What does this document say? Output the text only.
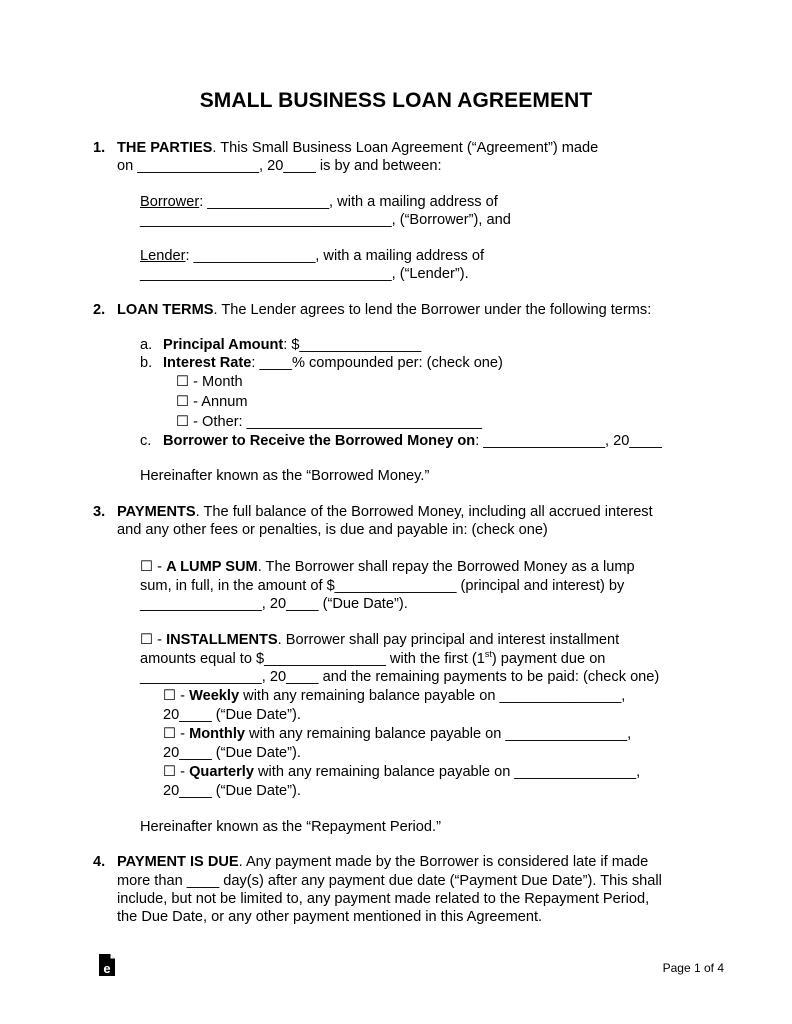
SMALL BUSINESS LOAN AGREEMENT
1. THE PARTIES. This Small Business Loan Agreement (“Agreement”) made
on _______________, 20____ is by and between:
Borrower: _______________, with a mailing address of
_______________________________, (“Borrower”), and
Lender: _______________, with a mailing address of
_______________________________, (“Lender”).
2. LOAN TERMS. The Lender agrees to lend the Borrower under the following terms:
a. Principal Amount: $_______________
b. Interest Rate: ____% compounded per: (check one)
☐ - Month
☐ - Annum
☐ - Other: _____________________________
c. Borrower to Receive the Borrowed Money on: _______________, 20____
Hereinafter known as the “Borrowed Money.”
3. PAYMENTS. The full balance of the Borrowed Money, including all accrued interest
and any other fees or penalties, is due and payable in: (check one)
☐ - A LUMP SUM. The Borrower shall repay the Borrowed Money as a lump
sum, in full, in the amount of $_______________ (principal and interest) by
_______________, 20____ (“Due Date”).
☐ - INSTALLMENTS. Borrower shall pay principal and interest installment
amounts equal to $_______________ with the first (1st) payment due on
_______________, 20____ and the remaining payments to be paid: (check one)
☐ - Weekly with any remaining balance payable on _______________,
20____ (“Due Date”).
☐ - Monthly with any remaining balance payable on _______________,
20____ (“Due Date”).
☐ - Quarterly with any remaining balance payable on _______________,
20____ (“Due Date”).
Hereinafter known as the “Repayment Period.”
4. PAYMENT IS DUE. Any payment made by the Borrower is considered late if made
more than ____ day(s) after any payment due date (“Payment Due Date”). This shall
include, but not be limited to, any payment made related to the Repayment Period,
the Due Date, or any other payment mentioned in this Agreement.
e	Page 1 of 4
